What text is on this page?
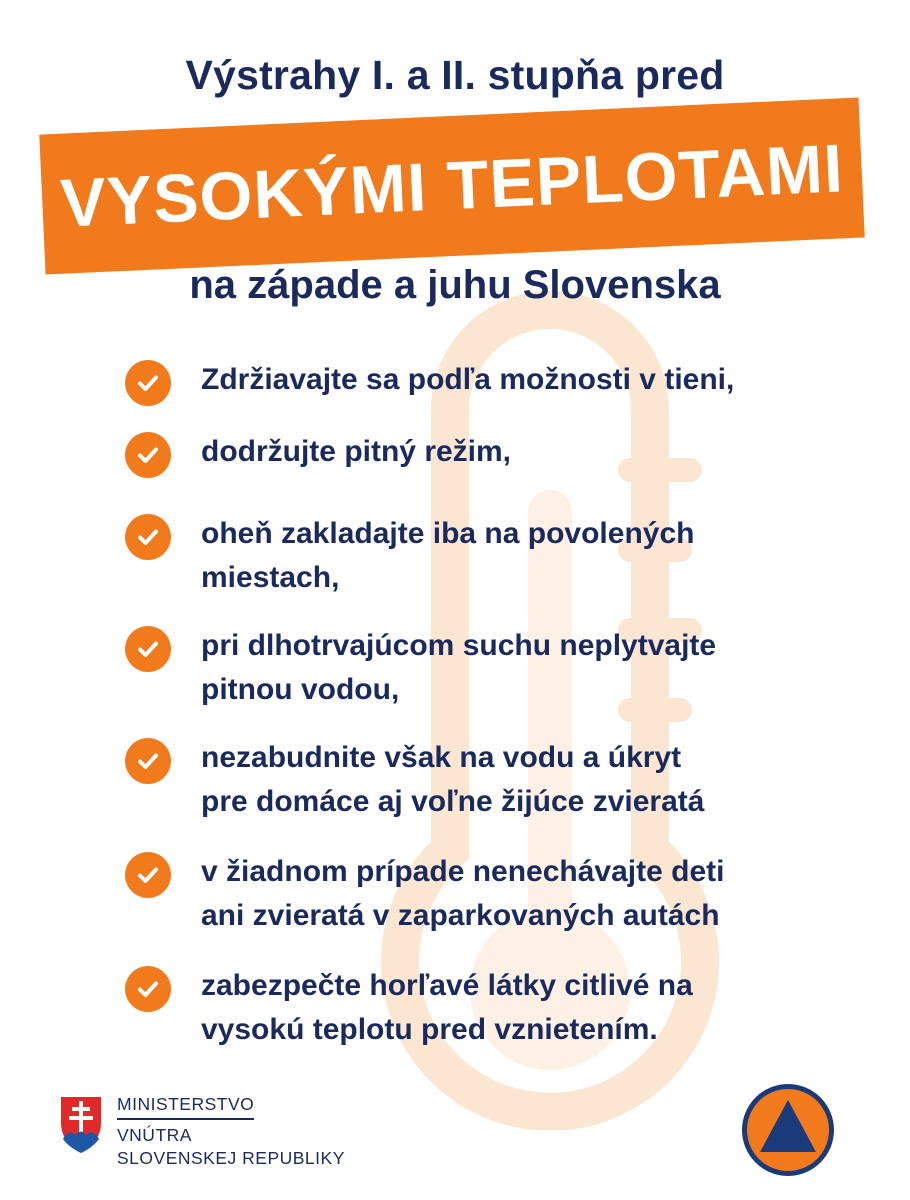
Výstrahy I. a II. stupňa pred
VYSOKÝMI TEPLOTAMI
na západe a juhu Slovenska
Zdržiavajte sa podľa možnosti v tieni,
dodržujte pitný režim,
oheň zakladajte iba na povolených
miestach,
pri dlhotrvajúcom suchu neplytvajte
pitnou vodou,
nezabudnite však na vodu a úkryt
pre domáce aj voľne žijúce zvieratá
v žiadnom prípade nenechávajte deti
ani zvieratá v zaparkovaných autách
zabezpečte horľavé látky citlivé na
vysokú teplotu pred vznietením.
MINISTERSTVO
VNÚTRA
SLOVENSKEJ REPUBLIKY
